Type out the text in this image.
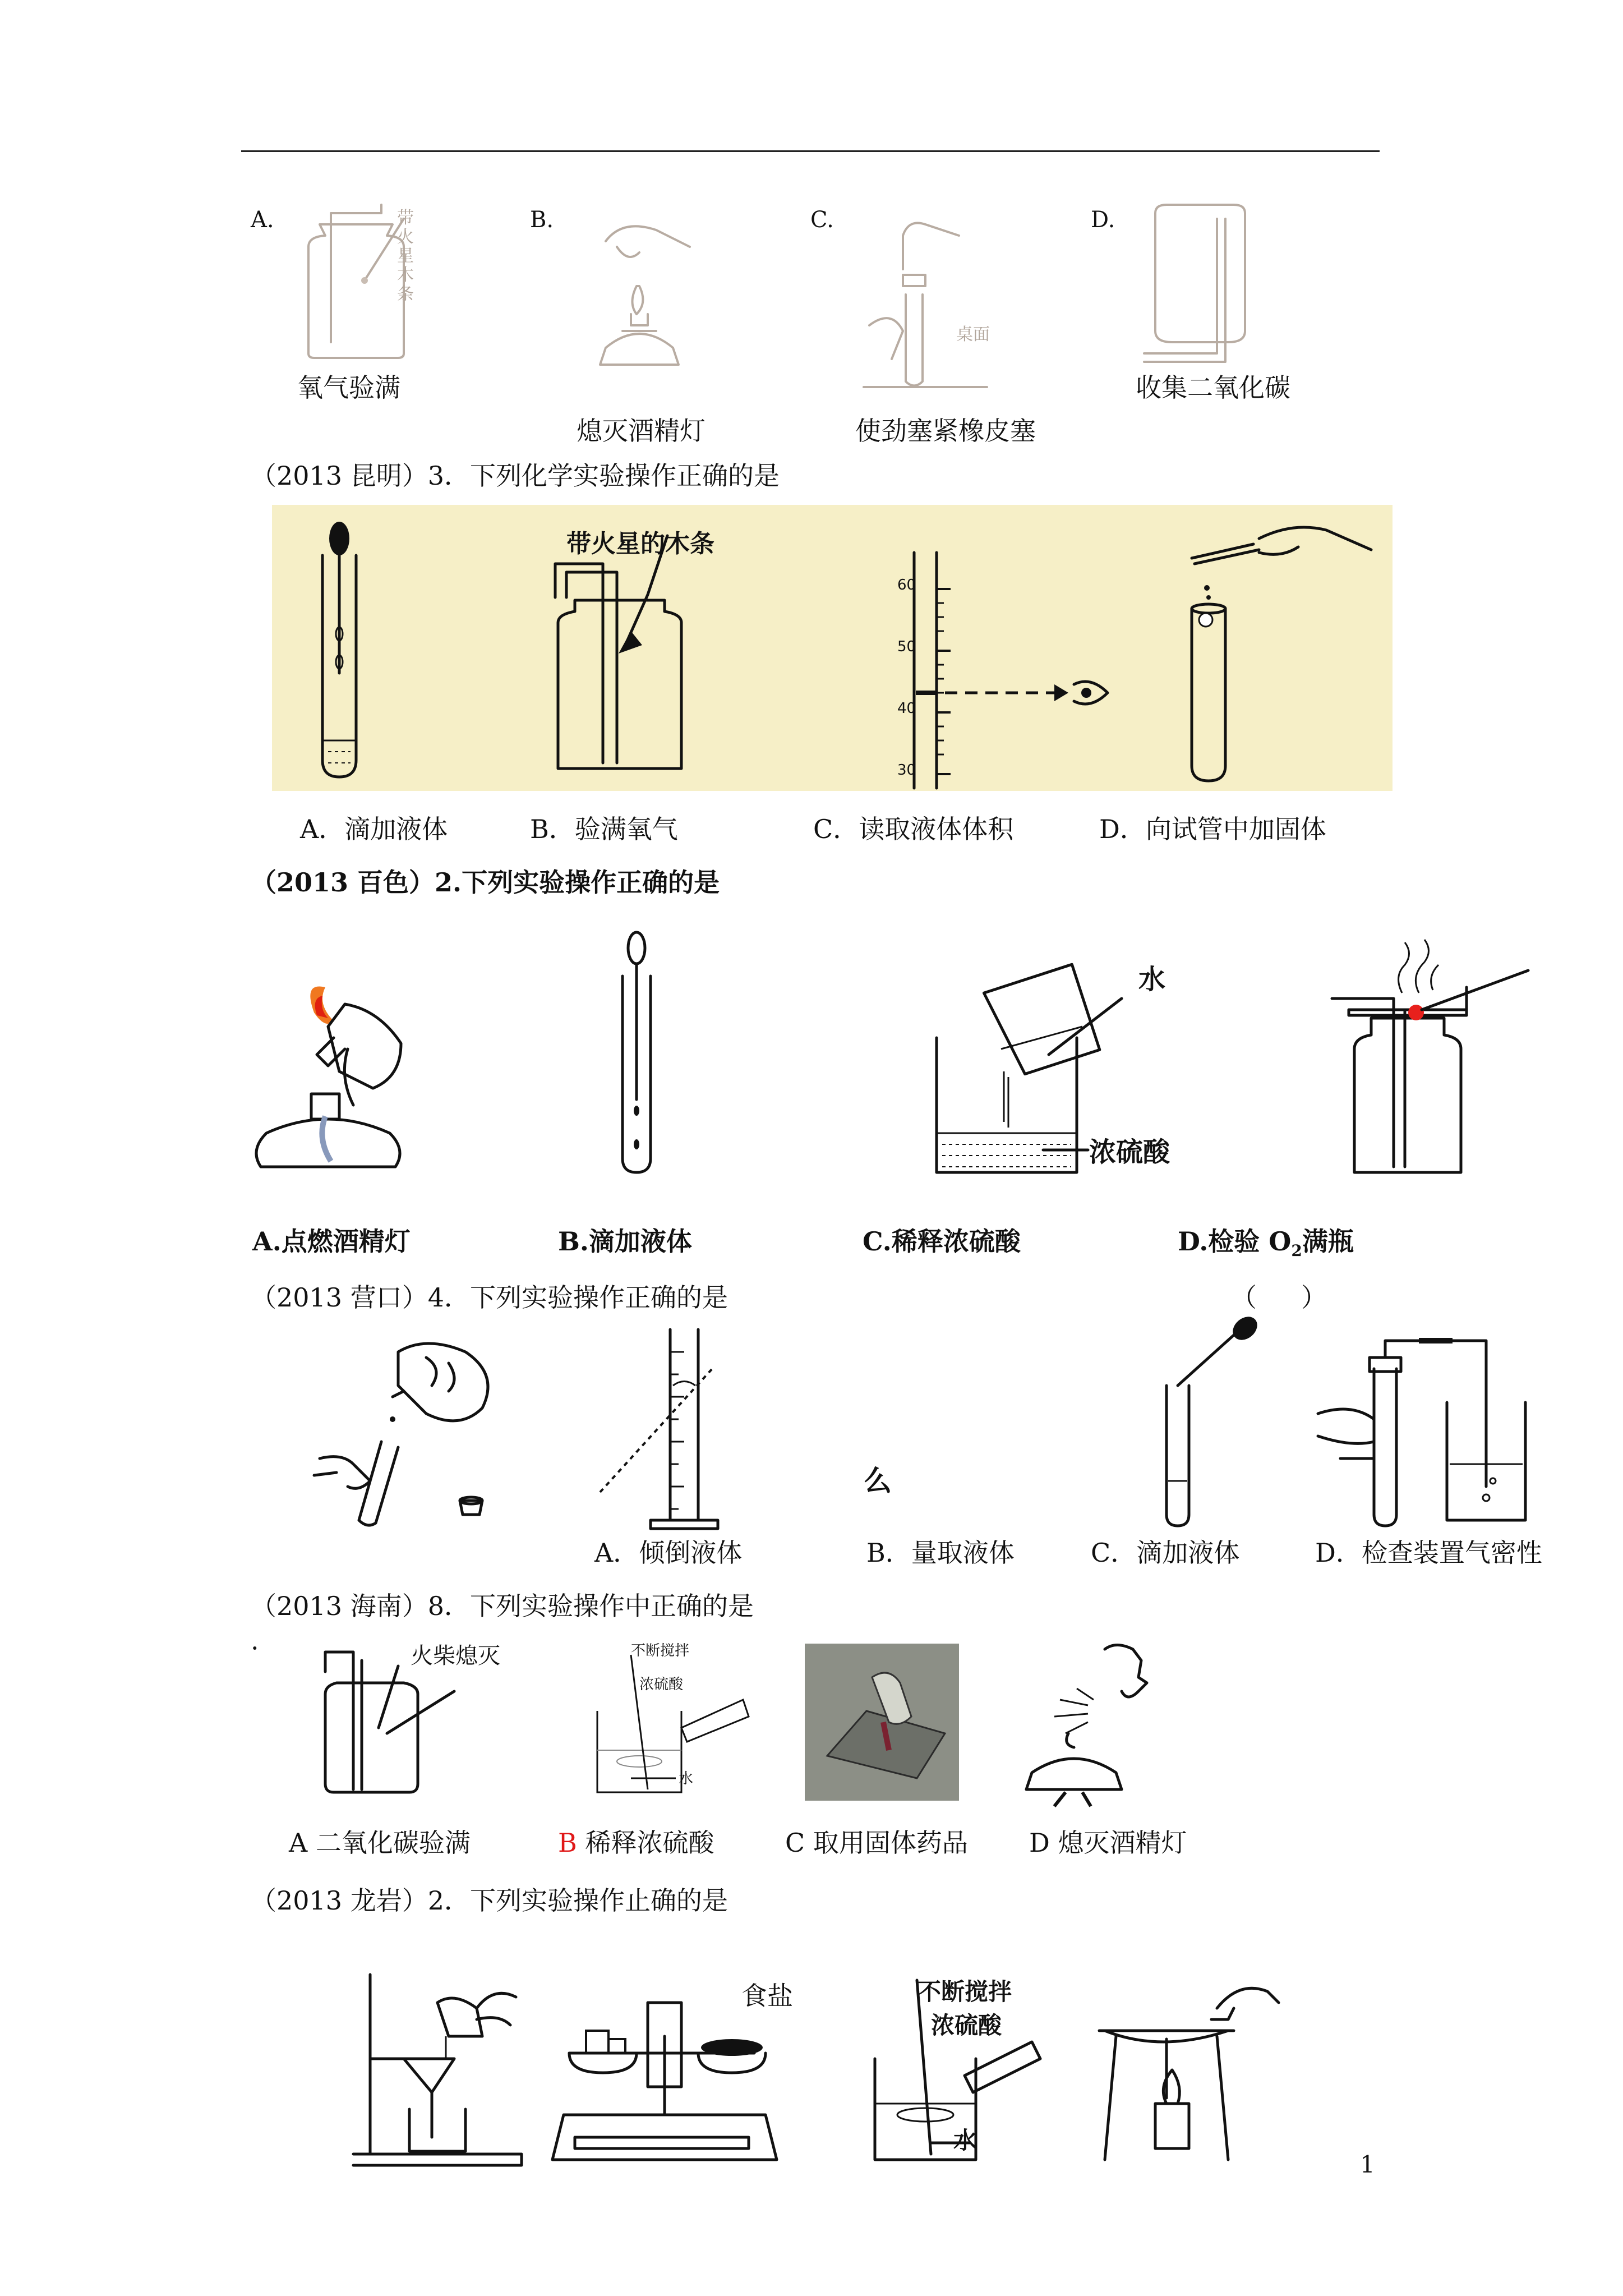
A.	B.	C.	D.
带火星木条
桌面
氧气验满
熄灭酒精灯	使劲塞紧橡皮塞
收集二氧化碳
（2013 昆明）3．下列化学实验操作正确的是
带火星的木条
60
50
40
30
A．滴加液体	B．验满氧气	C．读取液体体积	D．向试管中加固体
（2013 百色）2.下列实验操作正确的是
水
浓硫酸
A.点燃酒精灯	B.滴加液体	C.稀释浓硫酸	D.检验 $O_2$满瓶
（2013 营口）4．下列实验操作正确的是	（ ）
么
A．倾倒液体	B．量取液体	C．滴加液体	D．检查装置气密性
（2013 海南）8．下列实验操作中正确的是
·	火柴熄灭	不断搅拌
浓硫酸
水
A 二氧化碳验满	B 稀释浓硫酸	C 取用固体药品 D 熄灭酒精灯
（2013 龙岩）2．下列实验操作止确的是
食盐	不断搅拌
浓硫酸
水
1
